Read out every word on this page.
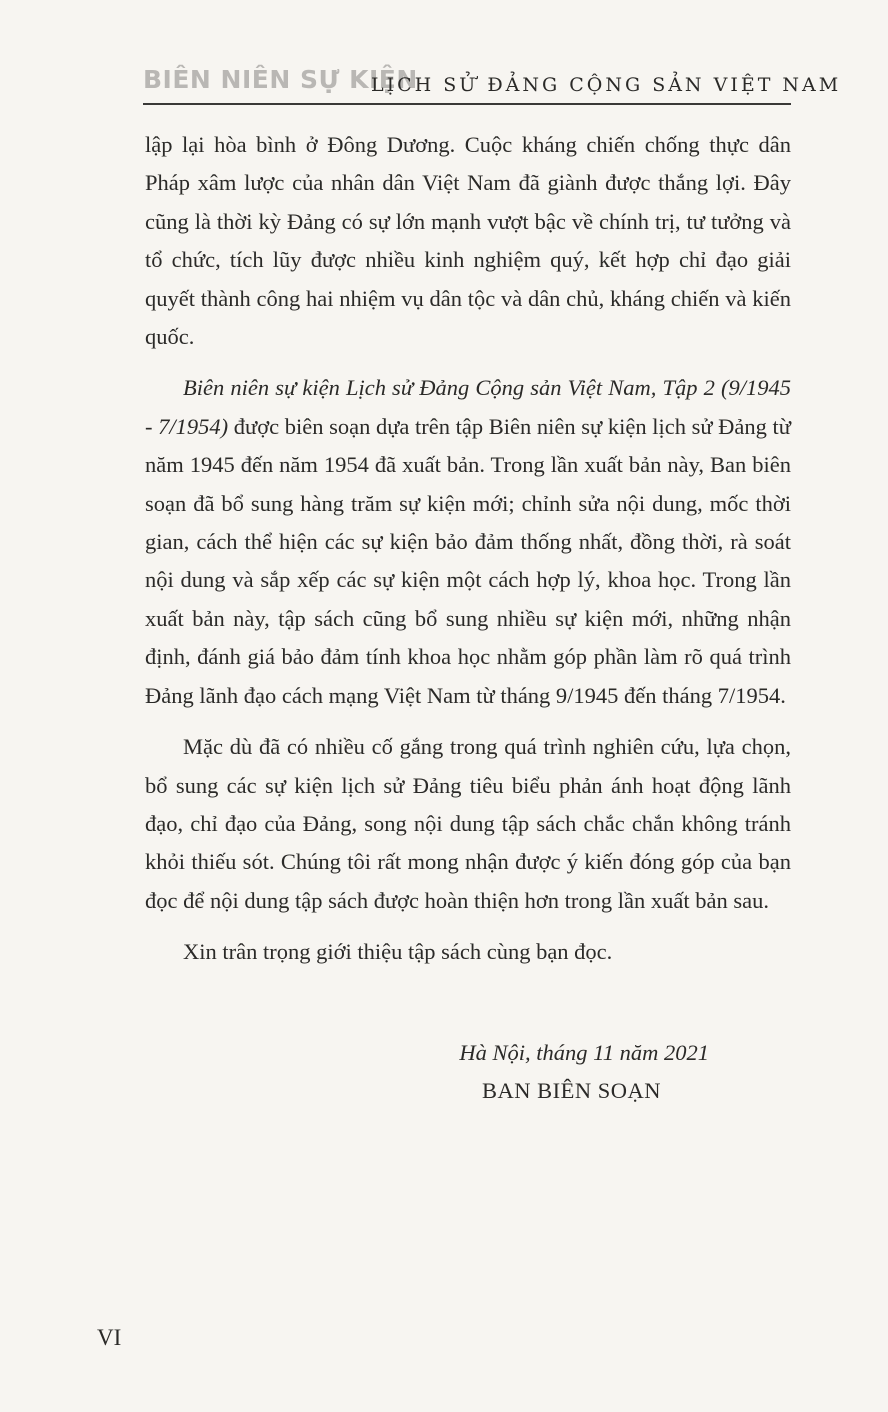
BIÊN NIÊN SỰ KIỆN
LỊCH SỬ ĐẢNG CỘNG SẢN VIỆT NAM

lập lại hòa bình ở Đông Dương. Cuộc kháng chiến chống thực dân Pháp xâm lược của nhân dân Việt Nam đã giành được thắng lợi. Đây cũng là thời kỳ Đảng có sự lớn mạnh vượt bậc về chính trị, tư tưởng và tổ chức, tích lũy được nhiều kinh nghiệm quý, kết hợp chỉ đạo giải quyết thành công hai nhiệm vụ dân tộc và dân chủ, kháng chiến và kiến quốc.

Biên niên sự kiện Lịch sử Đảng Cộng sản Việt Nam, Tập 2 (9/1945 - 7/1954) được biên soạn dựa trên tập Biên niên sự kiện lịch sử Đảng từ năm 1945 đến năm 1954 đã xuất bản. Trong lần xuất bản này, Ban biên soạn đã bổ sung hàng trăm sự kiện mới; chỉnh sửa nội dung, mốc thời gian, cách thể hiện các sự kiện bảo đảm thống nhất, đồng thời, rà soát nội dung và sắp xếp các sự kiện một cách hợp lý, khoa học. Trong lần xuất bản này, tập sách cũng bổ sung nhiều sự kiện mới, những nhận định, đánh giá bảo đảm tính khoa học nhằm góp phần làm rõ quá trình Đảng lãnh đạo cách mạng Việt Nam từ tháng 9/1945 đến tháng 7/1954.

Mặc dù đã có nhiều cố gắng trong quá trình nghiên cứu, lựa chọn, bổ sung các sự kiện lịch sử Đảng tiêu biểu phản ánh hoạt động lãnh đạo, chỉ đạo của Đảng, song nội dung tập sách chắc chắn không tránh khỏi thiếu sót. Chúng tôi rất mong nhận được ý kiến đóng góp của bạn đọc để nội dung tập sách được hoàn thiện hơn trong lần xuất bản sau.

Xin trân trọng giới thiệu tập sách cùng bạn đọc.

Hà Nội, tháng 11 năm 2021
BAN BIÊN SOẠN
VI
